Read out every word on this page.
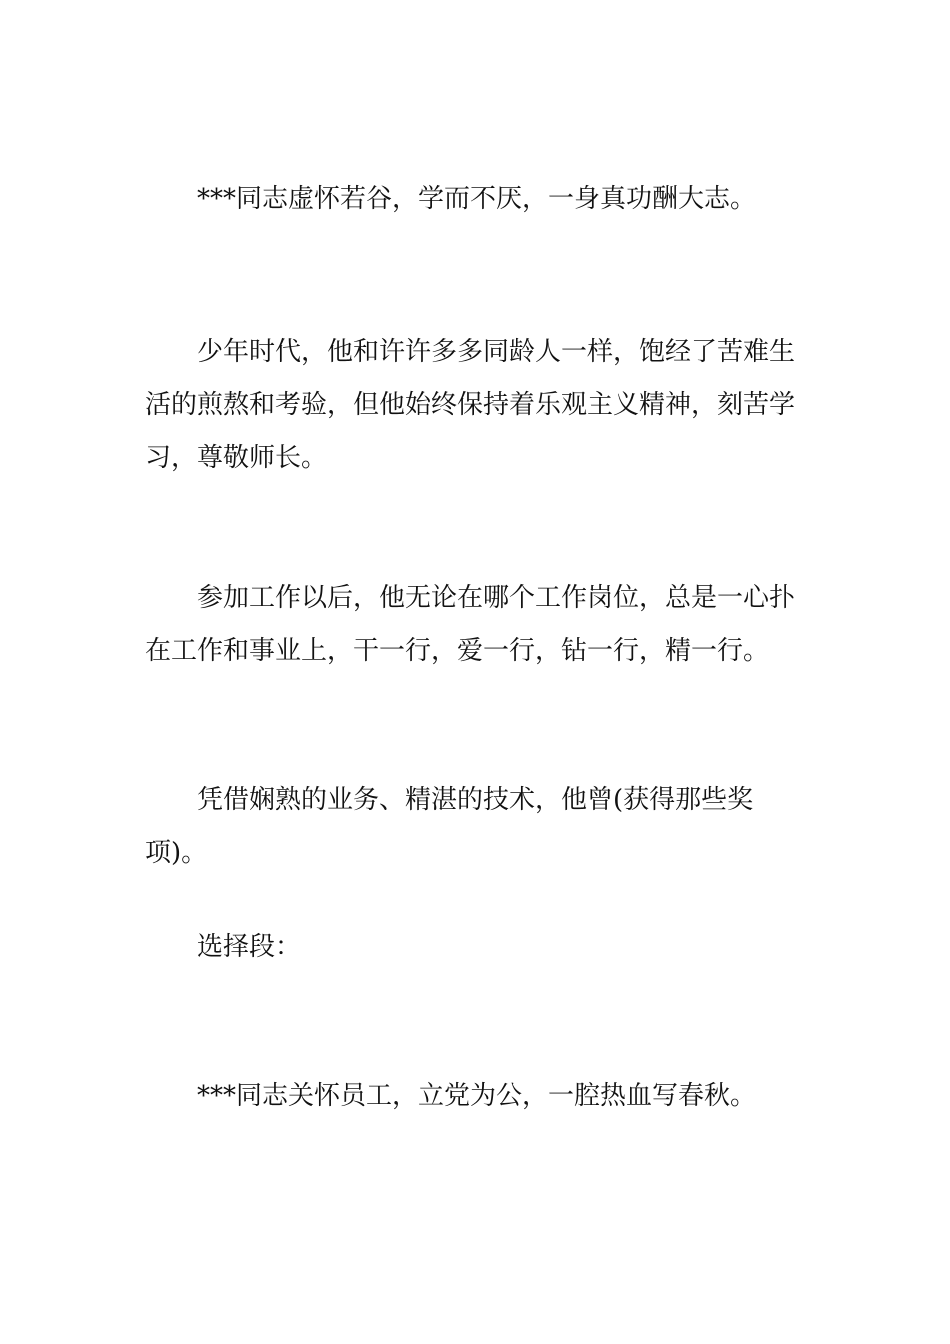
***同志虚怀若谷，学而不厌，一身真功酬大志。

少年时代，他和许许多多同龄人一样，饱经了苦难生活的煎熬和考验，但他始终保持着乐观主义精神，刻苦学习，尊敬师长。

参加工作以后，他无论在哪个工作岗位，总是一心扑在工作和事业上，干一行，爱一行，钻一行，精一行。

凭借娴熟的业务、精湛的技术，他曾(获得那些奖项)。

选择段：

***同志关怀员工，立党为公，一腔热血写春秋。
